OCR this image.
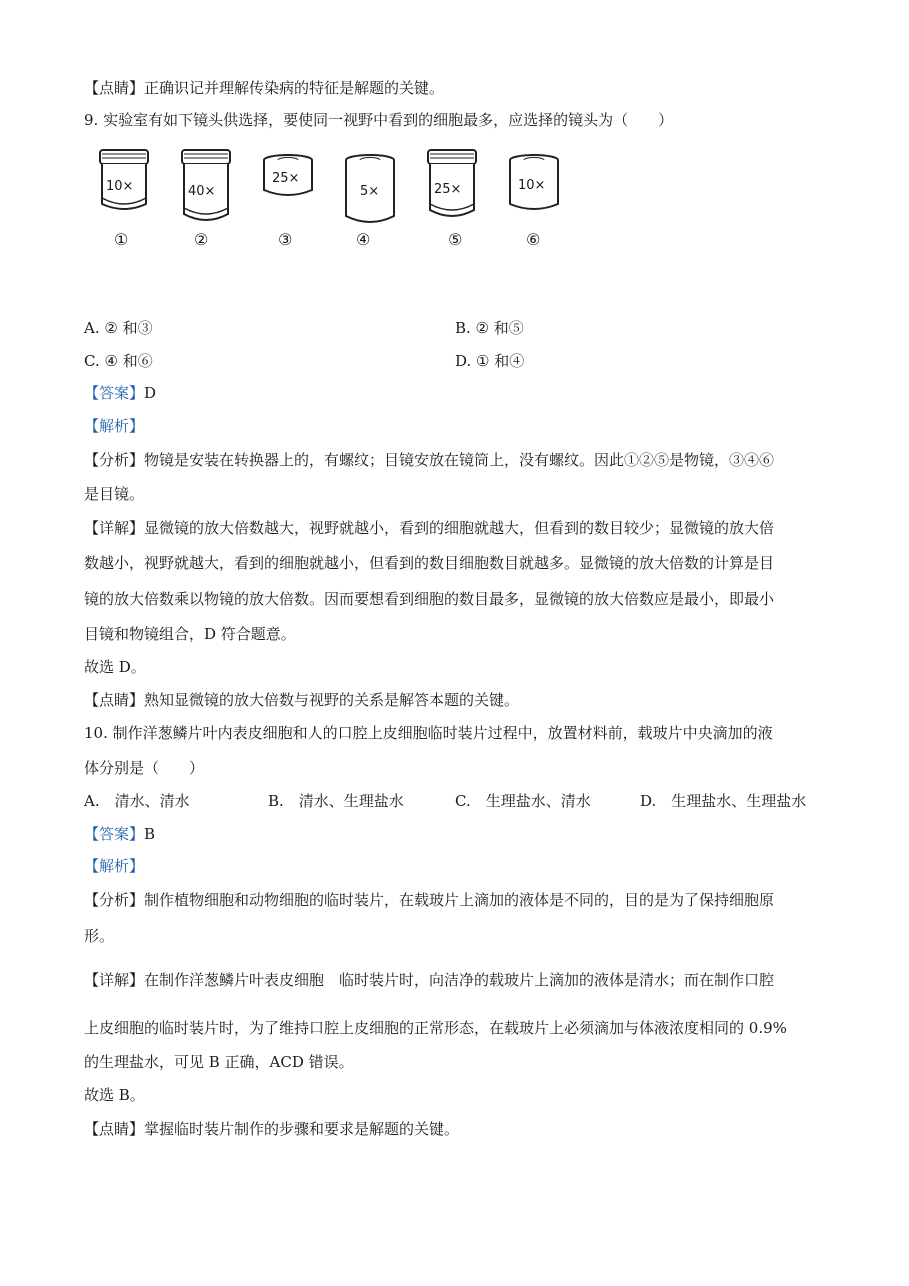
【点睛】正确识记并理解传染病的特征是解题的关键。
9. 实验室有如下镜头供选择，要使同一视野中看到的细胞最多，应选择的镜头为（　　）
10×	40×
25×
5×	25×	10×
①	②	③	④	⑤	⑥
A. ② 和③	B. ② 和⑤
C. ④ 和⑥	D. ① 和④
【答案】D
【解析】
【分析】物镜是安装在转换器上的，有螺纹；目镜安放在镜筒上，没有螺纹。因此①②⑤是物镜，③④⑥
是目镜。
【详解】显微镜的放大倍数越大，视野就越小，看到的细胞就越大，但看到的数目较少；显微镜的放大倍
数越小，视野就越大，看到的细胞就越小，但看到的数目细胞数目就越多。显微镜的放大倍数的计算是目
镜的放大倍数乘以物镜的放大倍数。因而要想看到细胞的数目最多，显微镜的放大倍数应是最小，即最小
目镜和物镜组合，D 符合题意。
故选 D。
【点睛】熟知显微镜的放大倍数与视野的关系是解答本题的关键。
10. 制作洋葱鳞片叶内表皮细胞和人的口腔上皮细胞临时装片过程中，放置材料前，载玻片中央滴加的液
体分别是（　　）
A.　清水、清水	B.　清水、生理盐水	C.　生理盐水、清水	D.　生理盐水、生理盐水
【答案】B
【解析】
【分析】制作植物细胞和动物细胞的临时装片，在载玻片上滴加的液体是不同的，目的是为了保持细胞原
形。
【详解】在制作洋葱鳞片叶表皮细胞　临时装片时，向洁净的载玻片上滴加的液体是清水；而在制作口腔
上皮细胞的临时装片时，为了维持口腔上皮细胞的正常形态，在载玻片上必须滴加与体液浓度相同的 0.9%
的生理盐水，可见 B 正确，ACD 错误。
故选 B。
【点睛】掌握临时装片制作的步骤和要求是解题的关键。
